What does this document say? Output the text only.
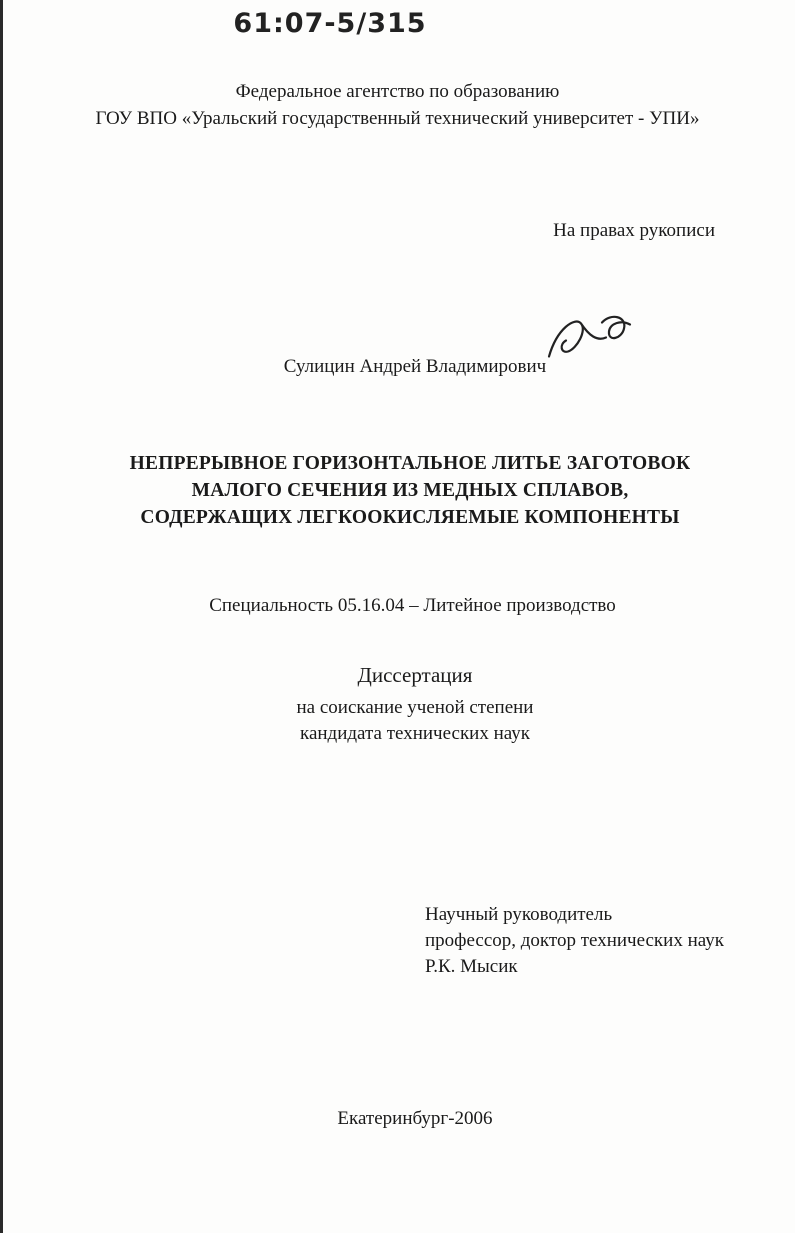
61:07-5/315
Федеральное агентство по образованию
ГОУ ВПО «Уральский государственный технический университет - УПИ»
На правах рукописи
Сулицин Андрей Владимирович
НЕПРЕРЫВНОЕ ГОРИЗОНТАЛЬНОЕ ЛИТЬЕ ЗАГОТОВОК
МАЛОГО СЕЧЕНИЯ ИЗ МЕДНЫХ СПЛАВОВ,
СОДЕРЖАЩИХ ЛЕГКООКИСЛЯЕМЫЕ КОМПОНЕНТЫ
Специальность 05.16.04 – Литейное производство
Диссертация
на соискание ученой степени
кандидата технических наук
Научный руководитель
профессор, доктор технических наук
Р.К. Мысик
Екатеринбург-2006
